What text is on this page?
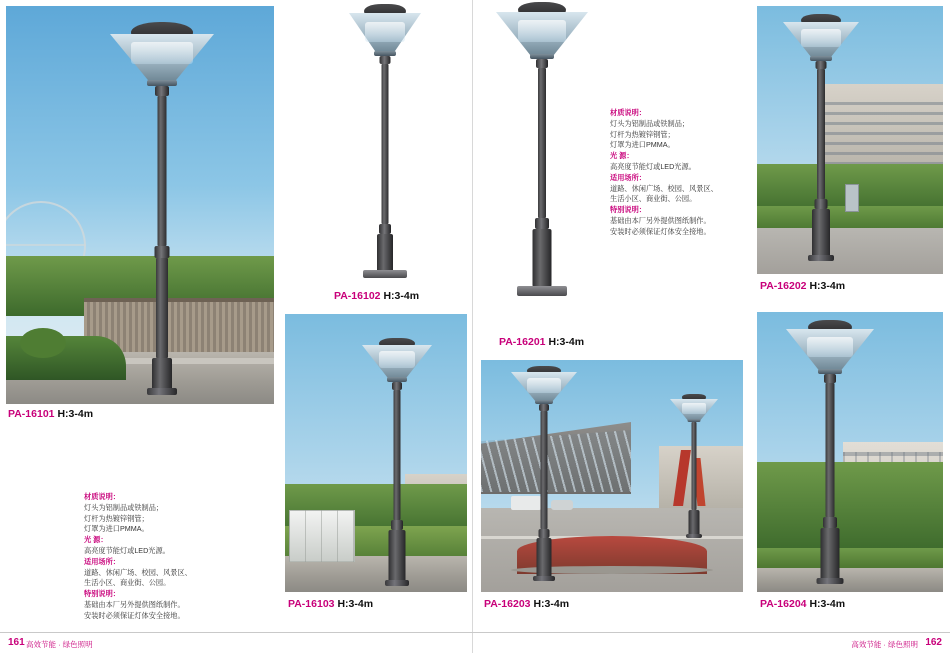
PA-16101 H:3-4m
材质说明：
灯头为铝制品或铁制品；
灯杆为热镀锌钢管；
灯罩为进口PMMA。
光 源：
高亮度节能灯或LED光源。
适用场所：
道路、休闲广场、校园、风景区、
生活小区、商业街、公园。
特别说明：
基础由本厂另外提供图纸制作。
安装时必须保证灯体安全接地。
PA-16102 H:3-4m
PA-16201 H:3-4m
材质说明：
灯头为铝制品或铁制品；
灯杆为热镀锌钢管；
灯罩为进口PMMA。
光 源：
高亮度节能灯或LED光源。
适用场所：
道路、休闲广场、校园、风景区、
生活小区、商业街、公园。
特别说明：
基础由本厂另外提供图纸制作。
安装时必须保证灯体安全接地。
PA-16202 H:3-4m
PA-16103 H:3-4m	PA-16203 H:3-4m	PA-16204 H:3-4m
161 高效节能 · 绿色照明	高效节能 · 绿色照明 162
